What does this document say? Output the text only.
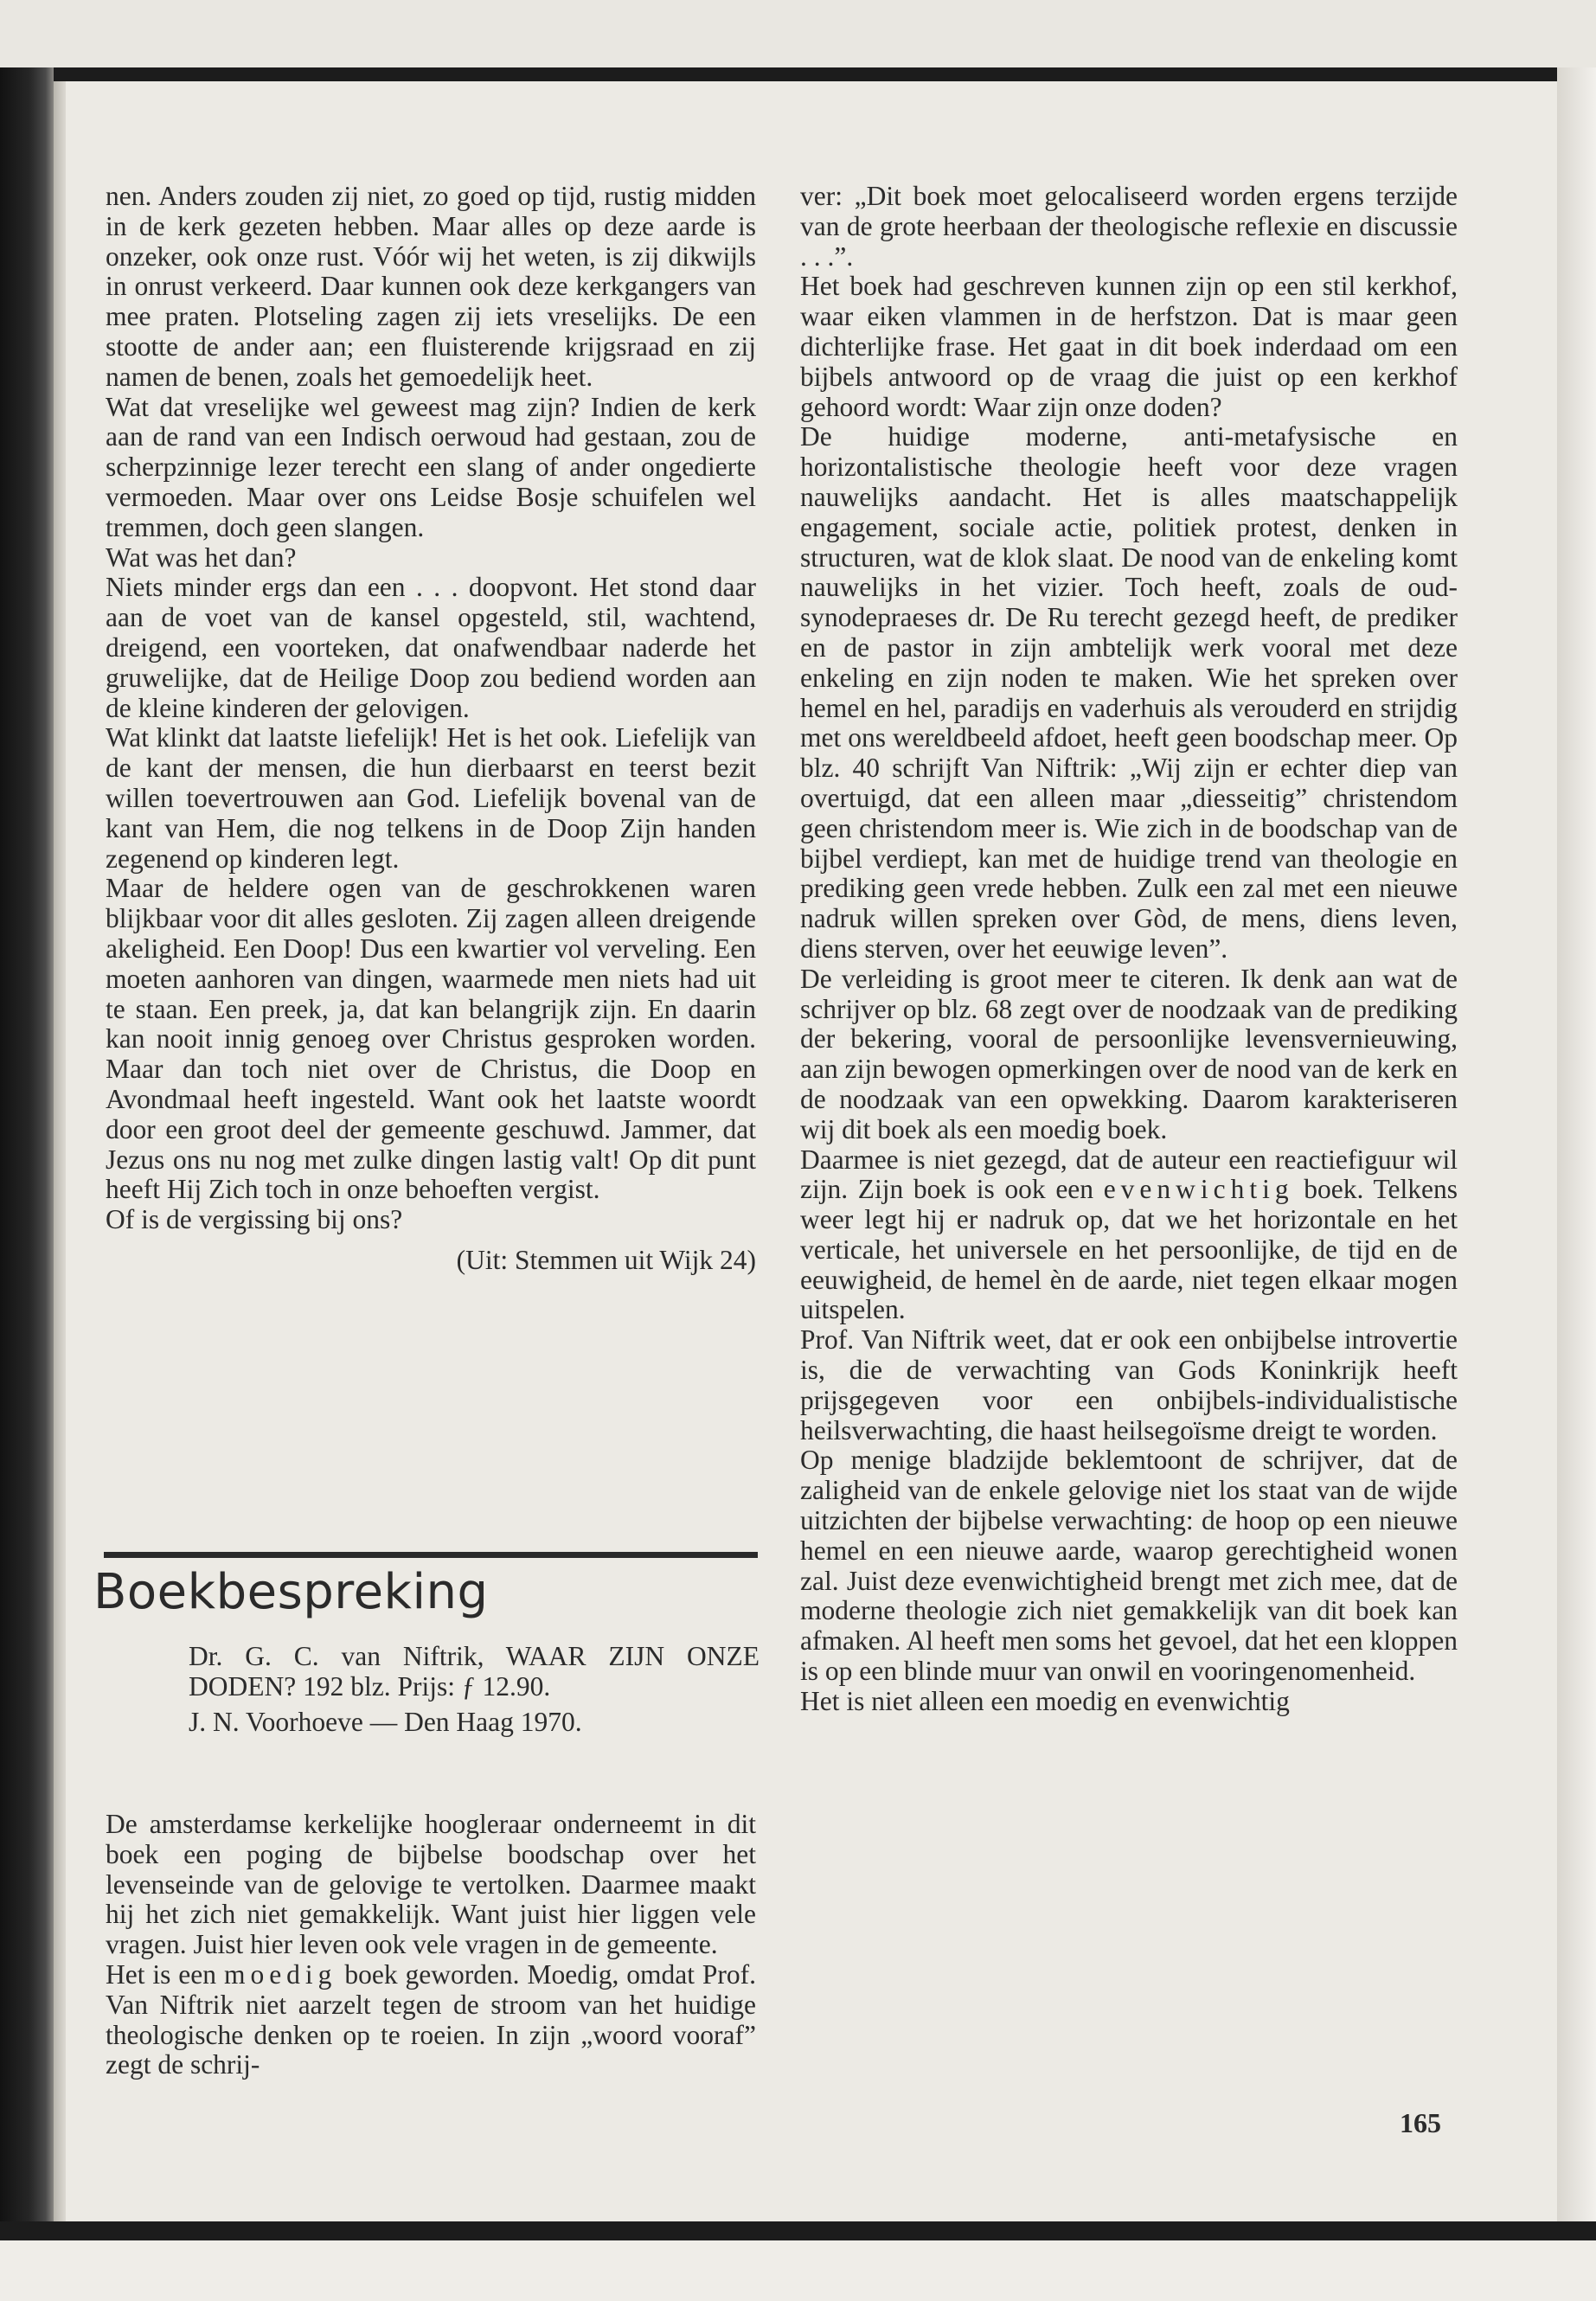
nen. Anders zouden zij niet, zo goed op tijd, rustig midden in de kerk gezeten hebben. Maar alles op deze aarde is onzeker, ook onze rust. Vóór wij het weten, is zij dikwijls in onrust verkeerd. Daar kunnen ook deze kerkgangers van mee praten. Plotseling zagen zij iets vreselijks. De een stootte de ander aan; een fluisterende krijgsraad en zij namen de benen, zoals het gemoedelijk heet.

Wat dat vreselijke wel geweest mag zijn? Indien de kerk aan de rand van een Indisch oerwoud had gestaan, zou de scherpzinnige lezer terecht een slang of ander ongedierte vermoeden. Maar over ons Leidse Bosje schuifelen wel tremmen, doch geen slangen.

Wat was het dan?

Niets minder ergs dan een . . . doopvont. Het stond daar aan de voet van de kansel opgesteld, stil, wachtend, dreigend, een voorteken, dat onafwendbaar naderde het gruwelijke, dat de Heilige Doop zou bediend worden aan de kleine kinderen der gelovigen.

Wat klinkt dat laatste liefelijk! Het is het ook. Liefelijk van de kant der mensen, die hun dierbaarst en teerst bezit willen toevertrouwen aan God. Liefelijk bovenal van de kant van Hem, die nog telkens in de Doop Zijn handen zegenend op kinderen legt.

Maar de heldere ogen van de geschrokkenen waren blijkbaar voor dit alles gesloten. Zij zagen alleen dreigende akeligheid. Een Doop! Dus een kwartier vol verveling. Een moeten aanhoren van dingen, waarmede men niets had uit te staan. Een preek, ja, dat kan belangrijk zijn. En daarin kan nooit innig genoeg over Christus gesproken worden. Maar dan toch niet over de Christus, die Doop en Avondmaal heeft ingesteld. Want ook het laatste woordt door een groot deel der gemeente geschuwd. Jammer, dat Jezus ons nu nog met zulke dingen lastig valt! Op dit punt heeft Hij Zich toch in onze behoeften vergist.

Of is de vergissing bij ons?

(Uit: Stemmen uit Wijk 24)
Boekbespreking

Dr. G. C. van Niftrik, WAAR ZIJN ONZE DODEN? 192 blz. Prijs: ƒ 12.90.

J. N. Voorhoeve — Den Haag 1970.

De amsterdamse kerkelijke hoogleraar onderneemt in dit boek een poging de bijbelse boodschap over het levenseinde van de gelovige te vertolken. Daarmee maakt hij het zich niet gemakkelijk. Want juist hier liggen vele vragen. Juist hier leven ook vele vragen in de gemeente.

Het is een moedig boek geworden. Moedig, omdat Prof. Van Niftrik niet aarzelt tegen de stroom van het huidige theologische denken op te roeien. In zijn „woord vooraf” zegt de schrij-

ver: „Dit boek moet gelocaliseerd worden ergens terzijde van de grote heerbaan der theologische reflexie en discussie . . .”.

Het boek had geschreven kunnen zijn op een stil kerkhof, waar eiken vlammen in de herfstzon. Dat is maar geen dichterlijke frase. Het gaat in dit boek inderdaad om een bijbels antwoord op de vraag die juist op een kerkhof gehoord wordt: Waar zijn onze doden?

De huidige moderne, anti-metafysische en horizontalistische theologie heeft voor deze vragen nauwelijks aandacht. Het is alles maatschappelijk engagement, sociale actie, politiek protest, denken in structuren, wat de klok slaat. De nood van de enkeling komt nauwelijks in het vizier. Toch heeft, zoals de oud-synodepraeses dr. De Ru terecht gezegd heeft, de prediker en de pastor in zijn ambtelijk werk vooral met deze enkeling en zijn noden te maken. Wie het spreken over hemel en hel, paradijs en vaderhuis als verouderd en strijdig met ons wereldbeeld afdoet, heeft geen boodschap meer. Op blz. 40 schrijft Van Niftrik: „Wij zijn er echter diep van overtuigd, dat een alleen maar „diesseitig” christendom geen christendom meer is. Wie zich in de boodschap van de bijbel verdiept, kan met de huidige trend van theologie en prediking geen vrede hebben. Zulk een zal met een nieuwe nadruk willen spreken over Gòd, de mens, diens leven, diens sterven, over het eeuwige leven”.

De verleiding is groot meer te citeren. Ik denk aan wat de schrijver op blz. 68 zegt over de noodzaak van de prediking der bekering, vooral de persoonlijke levensvernieuwing, aan zijn bewogen opmerkingen over de nood van de kerk en de noodzaak van een opwekking. Daarom karakteriseren wij dit boek als een moedig boek.

Daarmee is niet gezegd, dat de auteur een reactiefiguur wil zijn. Zijn boek is ook een evenwichtig boek. Telkens weer legt hij er nadruk op, dat we het horizontale en het verticale, het universele en het persoonlijke, de tijd en de eeuwigheid, de hemel èn de aarde, niet tegen elkaar mogen uitspelen.

Prof. Van Niftrik weet, dat er ook een onbijbelse introvertie is, die de verwachting van Gods Koninkrijk heeft prijsgegeven voor een onbijbels-individualistische heilsverwachting, die haast heilsegoïsme dreigt te worden.

Op menige bladzijde beklemtoont de schrijver, dat de zaligheid van de enkele gelovige niet los staat van de wijde uitzichten der bijbelse verwachting: de hoop op een nieuwe hemel en een nieuwe aarde, waarop gerechtigheid wonen zal. Juist deze evenwichtigheid brengt met zich mee, dat de moderne theologie zich niet gemakkelijk van dit boek kan afmaken. Al heeft men soms het gevoel, dat het een kloppen is op een blinde muur van onwil en vooringenomenheid.

Het is niet alleen een moedig en evenwichtig

165
